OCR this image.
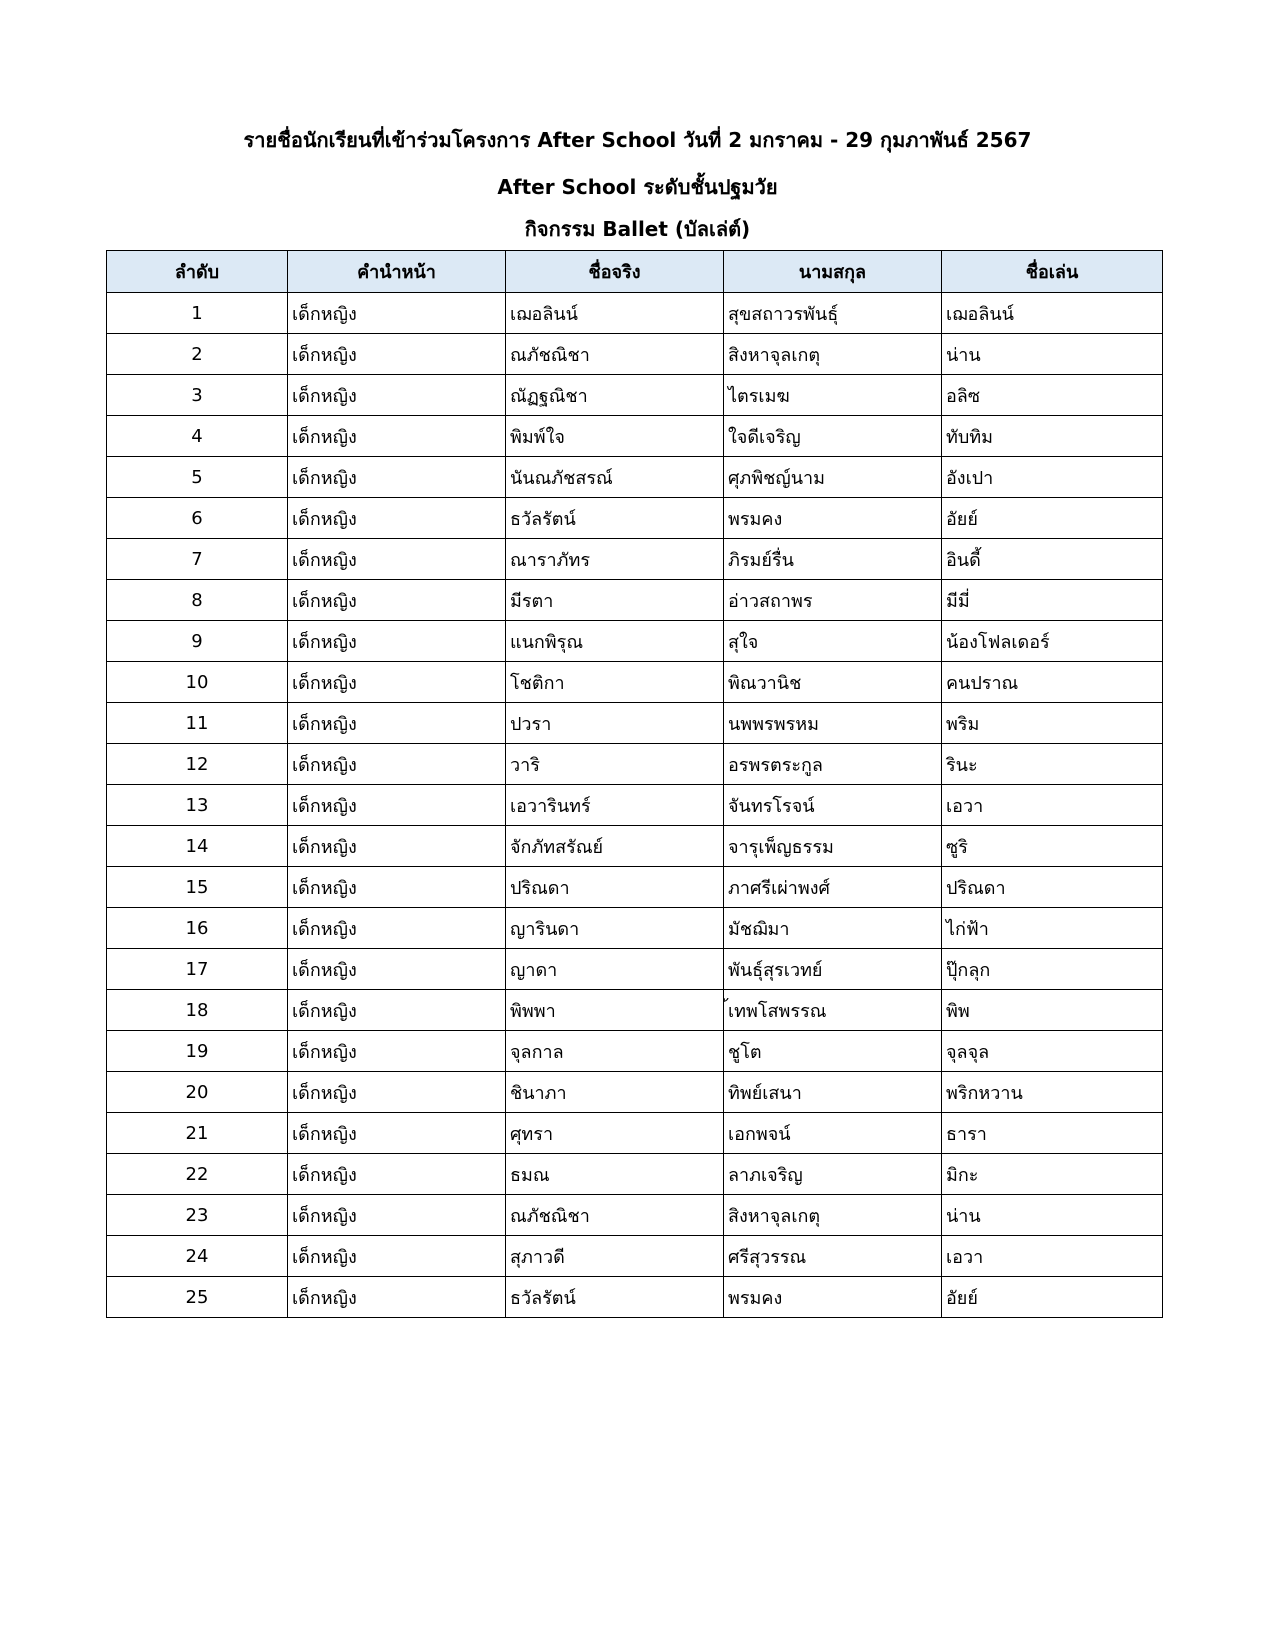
รายชื่อนักเรียนที่เข้าร่วมโครงการ After School วันที่ 2 มกราคม - 29 กุมภาพันธ์ 2567
After School ระดับชั้นปฐมวัย
กิจกรรม Ballet (บัลเล่ต์)
ลำดับ	คำนำหน้า	ชื่อจริง	นามสกุล	ชื่อเล่น
1	เด็กหญิง	เฌอลินน์	สุขสถาวรพันธุ์	เฌอลินน์
2	เด็กหญิง	ณภัชณิชา	สิงหาจุลเกตุ	น่าน
3	เด็กหญิง	ณัฏฐณิชา	ไตรเมฆ	อลิซ
4	เด็กหญิง	พิมพ์ใจ	ใจดีเจริญ	ทับทิม
5	เด็กหญิง	นันณภัชสรณ์	ศุภพิชญ์นาม	อังเปา
6	เด็กหญิง	ธวัลรัตน์	พรมคง	อัยย์
7	เด็กหญิง	ณาราภัทร	ภิรมย์รื่น	อินดี้
8	เด็กหญิง	มีรตา	อ่าวสถาพร	มีมี่
9	เด็กหญิง	แนกพิรุณ	สุใจ	น้องโฟลเดอร์
10	เด็กหญิง	โชติกา	พิณวานิช	คนปราณ
11	เด็กหญิง	ปวรา	นพพรพรหม	พริม
12	เด็กหญิง	วาริ	อรพรตระกูล	รินะ
13	เด็กหญิง	เอวารินทร์	จันทรโรจน์	เอวา
14	เด็กหญิง	จักภัทสรัณย์	จารุเพ็ญธรรม	ซูริ
15	เด็กหญิง	ปริณดา	ภาศรีเผ่าพงศ์	ปริณดา
16	เด็กหญิง	ญารินดา	มัชฌิมา	ไก่ฟ้า
17	เด็กหญิง	ญาดา	พันธุ์สุรเวทย์	ปุ๊กลุก
18	เด็กหญิง	พิพพา	้เทพโสพรรณ	พิพ
19	เด็กหญิง	จุลกาล	ชูโต	จุลจุล
20	เด็กหญิง	ชินาภา	ทิพย์เสนา	พริกหวาน
21	เด็กหญิง	ศุทรา	เอกพจน์	ธารา
22	เด็กหญิง	ธมณ	ลาภเจริญ	มิกะ
23	เด็กหญิง	ณภัชณิชา	สิงหาจุลเกตุ	น่าน
24	เด็กหญิง	สุภาวดี	ศรีสุวรรณ	เอวา
25	เด็กหญิง	ธวัลรัตน์	พรมคง	อัยย์
